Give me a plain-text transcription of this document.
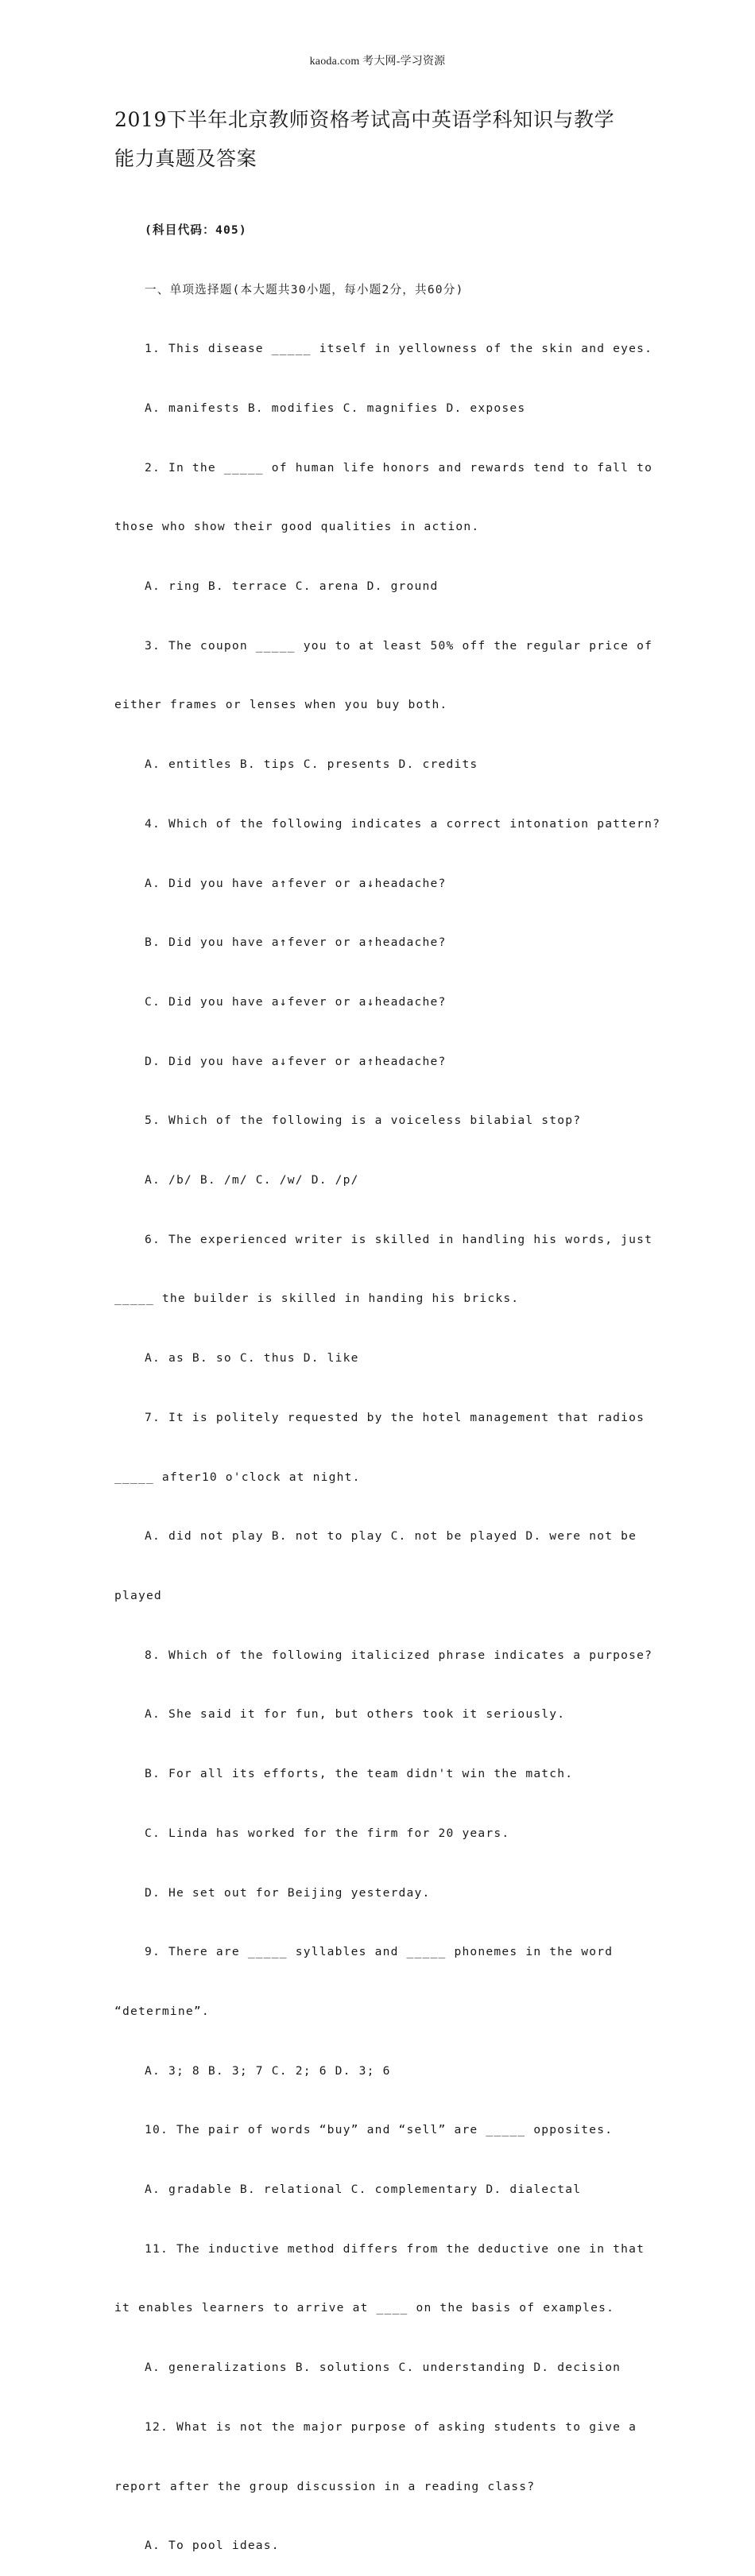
kaoda.com 考大网-学习资源
2019下半年北京教师资格考试高中英语学科知识与教学
能力真题及答案

(科目代码：405)

一、单项选择题(本大题共30小题，每小题2分，共60分)

1. This disease _____ itself in yellowness of the skin and eyes.

A. manifests B. modifies C. magnifies D. exposes

2. In the _____ of human life honors and rewards tend to fall to

those who show their good qualities in action.

A. ring B. terrace C. arena D. ground

3. The coupon _____ you to at least 50% off the regular price of

either frames or lenses when you buy both.

A. entitles B. tips C. presents D. credits

4. Which of the following indicates a correct intonation pattern?

A. Did you have a↑fever or a↓headache?

B. Did you have a↑fever or a↑headache?

C. Did you have a↓fever or a↓headache?

D. Did you have a↓fever or a↑headache?

5. Which of the following is a voiceless bilabial stop?

A. /b/ B. /m/ C. /w/ D. /p/

6. The experienced writer is skilled in handling his words, just

_____ the builder is skilled in handing his bricks.

A. as B. so C. thus D. like

7. It is politely requested by the hotel management that radios

_____ after10 o'clock at night.

A. did not play B. not to play C. not be played D. were not be

played

8. Which of the following italicized phrase indicates a purpose?

A. She said it for fun, but others took it seriously.

B. For all its efforts, the team didn't win the match.

C. Linda has worked for the firm for 20 years.

D. He set out for Beijing yesterday.

9. There are _____ syllables and _____ phonemes in the word

“determine”.

A. 3; 8 B. 3; 7 C. 2; 6 D. 3; 6

10. The pair of words “buy” and “sell” are _____ opposites.

A. gradable B. relational C. complementary D. dialectal

11. The inductive method differs from the deductive one in that

it enables learners to arrive at ____ on the basis of examples.

A. generalizations B. solutions C. understanding D. decision

12. What is not the major purpose of asking students to give a

report after the group discussion in a reading class?

A. To pool ideas.
